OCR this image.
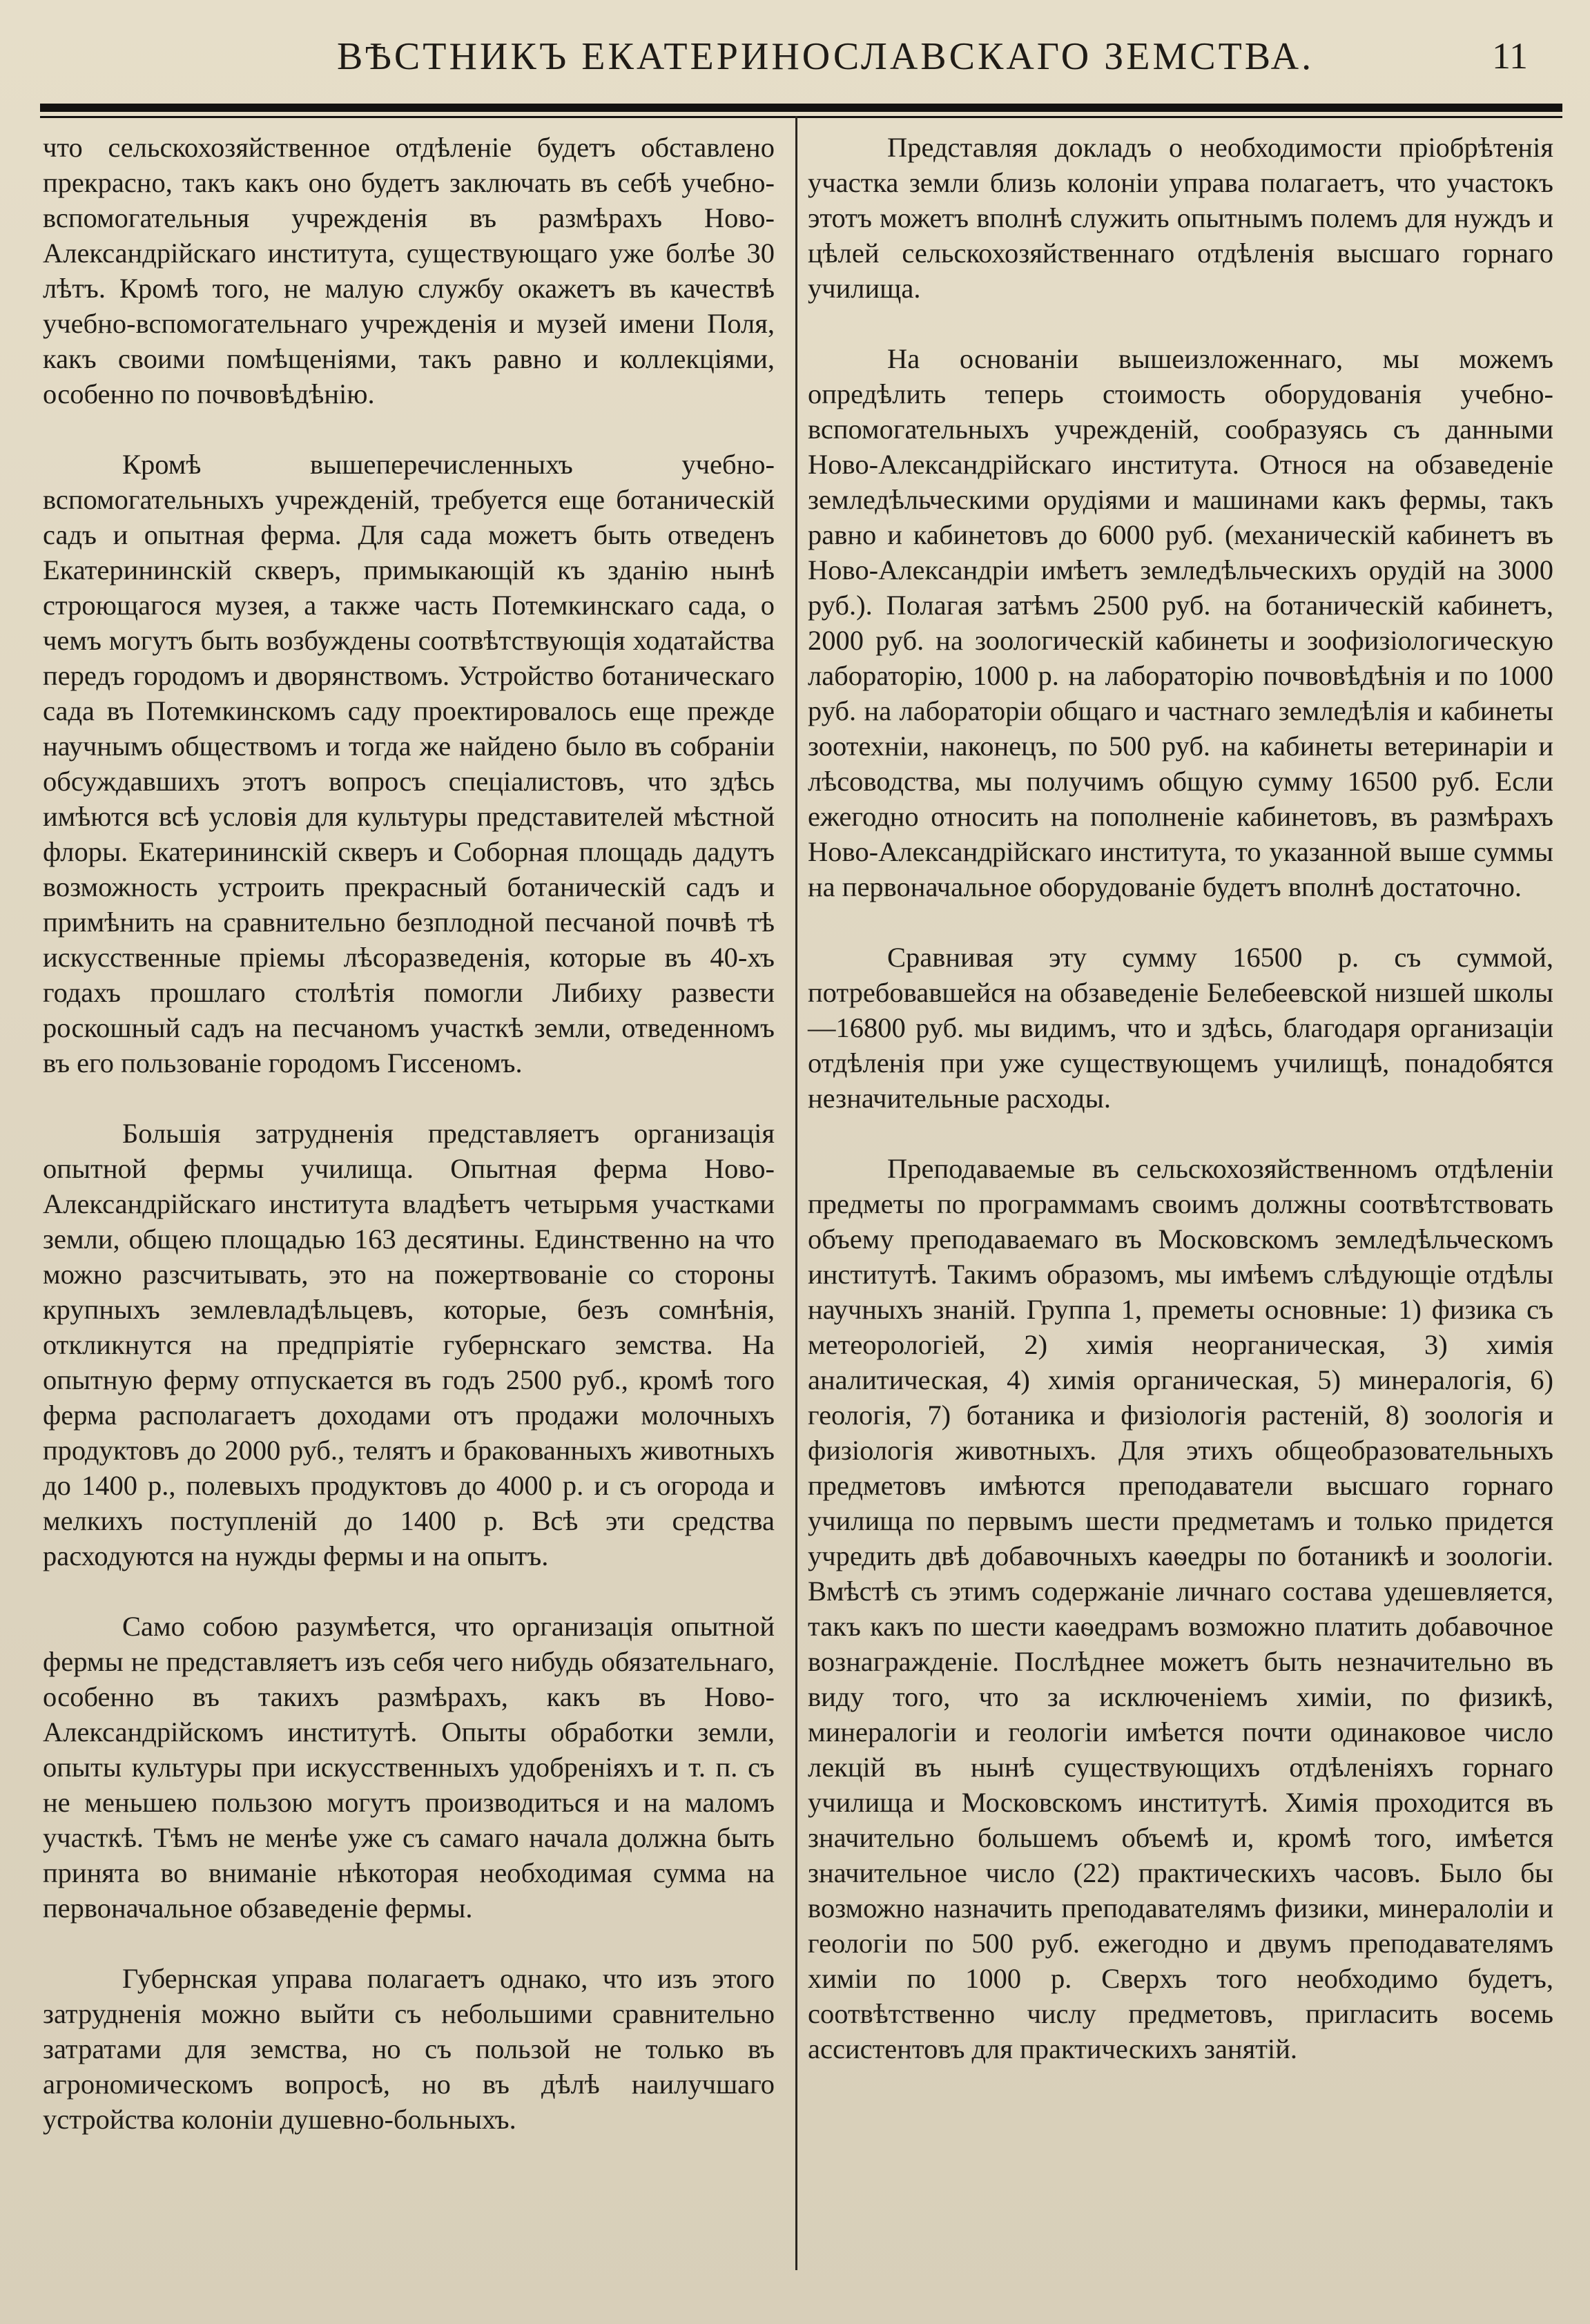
ВѢСТНИКЪ ЕКАТЕРИНОСЛАВСКАГО ЗЕМСТВА.	11

что сельскохозяйственное отдѣленіе будетъ обставлено прекрасно, такъ какъ оно будетъ заключать въ себѣ учебно-вспомогательныя учрежденія въ размѣрахъ Ново-Александрійскаго института, существующаго уже болѣе 30 лѣтъ. Кромѣ того, не малую службу окажетъ въ качествѣ учебно-вспомогательнаго учрежденія и музей имени Поля, какъ своими помѣщеніями, такъ равно и коллекціями, особенно по почвовѣдѣнію.

Кромѣ вышеперечисленныхъ учебно-вспомогательныхъ учрежденій, требуется еще ботаническій садъ и опытная ферма. Для сада можетъ быть отведенъ Екатерининскій скверъ, примыкающій къ зданію нынѣ строющагося музея, а также часть Потемкинскаго сада, о чемъ могутъ быть возбуждены соотвѣтствующія ходатайства передъ городомъ и дворянствомъ. Устройство ботаническаго сада въ Потемкинскомъ саду проектировалось еще прежде научнымъ обществомъ и тогда же найдено было въ собраніи обсуждавшихъ этотъ вопросъ спеціалистовъ, что здѣсь имѣются всѣ условія для культуры представителей мѣстной флоры. Екатерининскій скверъ и Соборная площадь дадутъ возможность устроить прекрасный ботаническій садъ и примѣнить на сравнительно безплодной песчаной почвѣ тѣ искусственные пріемы лѣсоразведенія, которые въ 40-хъ годахъ прошлаго столѣтія помогли Либиху развести роскошный садъ на песчаномъ участкѣ земли, отведенномъ въ его пользованіе городомъ Гиссеномъ.

Большія затрудненія представляетъ организація опытной фермы училища. Опытная ферма Ново-Александрійскаго института владѣетъ четырьмя участками земли, общею площадью 163 десятины. Единственно на что можно разсчитывать, это на пожертвованіе со стороны крупныхъ землевладѣльцевъ, которые, безъ сомнѣнія, откликнутся на предпріятіе губернскаго земства. На опытную ферму отпускается въ годъ 2500 руб., кромѣ того ферма располагаетъ доходами отъ продажи молочныхъ продуктовъ до 2000 руб., телятъ и бракованныхъ животныхъ до 1400 р., полевыхъ продуктовъ до 4000 р. и съ огорода и мелкихъ поступленій до 1400 р. Всѣ эти средства расходуются на нужды фермы и на опытъ.

Само собою разумѣется, что организація опытной фермы не представляетъ изъ себя чего нибудь обязательнаго, особенно въ такихъ размѣрахъ, какъ въ Ново-Александрійскомъ институтѣ. Опыты обработки земли, опыты культуры при искусственныхъ удобреніяхъ и т. п. съ не меньшею пользою могутъ производиться и на маломъ участкѣ. Тѣмъ не менѣе уже съ самаго начала должна быть принята во вниманіе нѣкоторая необходимая сумма на первоначальное обзаведеніе фермы.

Губернская управа полагаетъ однако, что изъ этого затрудненія можно выйти съ небольшими сравнительно затратами для земства, но съ пользой не только въ агрономическомъ вопросѣ, но въ дѣлѣ наилучшаго устройства колоніи душевно-больныхъ.

Представляя докладъ о необходимости пріобрѣтенія участка земли близь колоніи управа полагаетъ, что участокъ этотъ можетъ вполнѣ служить опытнымъ полемъ для нуждъ и цѣлей сельскохозяйственнаго отдѣленія высшаго горнаго училища.

На основаніи вышеизложеннаго, мы можемъ опредѣлить теперь стоимость оборудованія учебно-вспомогательныхъ учрежденій, сообразуясь съ данными Ново-Александрійскаго института. Относя на обзаведеніе земледѣльческими орудіями и машинами какъ фермы, такъ равно и кабинетовъ до 6000 руб. (механическій кабинетъ въ Ново-Александріи имѣетъ земледѣльческихъ орудій на 3000 руб.). Полагая затѣмъ 2500 руб. на ботаническій кабинетъ, 2000 руб. на зоологическій кабинеты и зоофизіологическую лабораторію, 1000 р. на лабораторію почвовѣдѣнія и по 1000 руб. на лабораторіи общаго и частнаго земледѣлія и кабинеты зоотехніи, наконецъ, по 500 руб. на кабинеты ветеринаріи и лѣсоводства, мы получимъ общую сумму 16500 руб. Если ежегодно относить на пополненіе кабинетовъ, въ размѣрахъ Ново-Александрійскаго института, то указанной выше суммы на первоначальное оборудованіе будетъ вполнѣ достаточно.

Сравнивая эту сумму 16500 р. съ суммой, потребовавшейся на обзаведеніе Белебеевской низшей школы—16800 руб. мы видимъ, что и здѣсь, благодаря организаціи отдѣленія при уже существующемъ училищѣ, понадобятся незначительные расходы.

Преподаваемые въ сельскохозяйственномъ отдѣленіи предметы по программамъ своимъ должны соотвѣтствовать объему преподаваемаго въ Московскомъ земледѣльческомъ институтѣ. Такимъ образомъ, мы имѣемъ слѣдующіе отдѣлы научныхъ знаній. Группа 1, преметы основные: 1) физика съ метеорологіей, 2) химія неорганическая, 3) химія аналитическая, 4) химія органическая, 5) минералогія, 6) геологія, 7) ботаника и физіологія растеній, 8) зоологія и физіологія животныхъ. Для этихъ общеобразовательныхъ предметовъ имѣются преподаватели высшаго горнаго училища по первымъ шести предметамъ и только придется учредить двѣ добавочныхъ каѳедры по ботаникѣ и зоологіи. Вмѣстѣ съ этимъ содержаніе личнаго состава удешевляется, такъ какъ по шести каѳедрамъ возможно платить добавочное вознагражденіе. Послѣднее можетъ быть незначительно въ виду того, что за исключеніемъ химіи, по физикѣ, минералогіи и геологіи имѣется почти одинаковое число лекцій въ нынѣ существующихъ отдѣленіяхъ горнаго училища и Московскомъ институтѣ. Химія проходится въ значительно большемъ объемѣ и, кромѣ того, имѣется значительное число (22) практическихъ часовъ. Было бы возможно назначить преподавателямъ физики, минералоліи и геологіи по 500 руб. ежегодно и двумъ преподавателямъ химіи по 1000 р. Сверхъ того необходимо будетъ, соотвѣтственно числу предметовъ, пригласить восемь ассистентовъ для практическихъ занятій.
